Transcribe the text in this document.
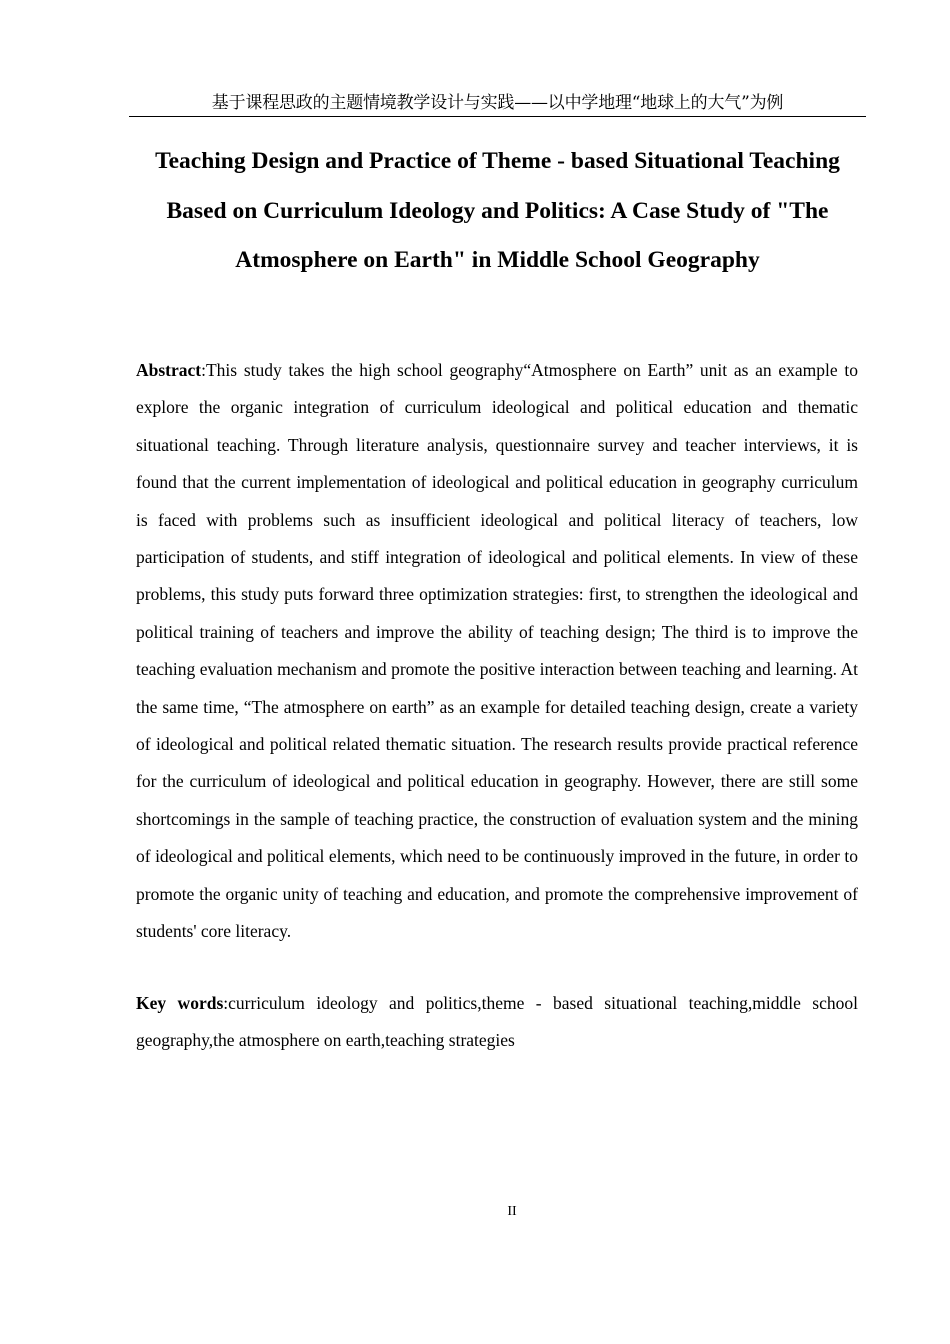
基于课程思政的主题情境教学设计与实践——以中学地理“地球上的大气”为例
Teaching Design and Practice of Theme - based Situational Teaching Based on Curriculum Ideology and Politics: A Case Study of "The Atmosphere on Earth" in Middle School Geography

Abstract:This study takes the high school geography“Atmosphere on Earth” unit as an example to explore the organic integration of curriculum ideological and political education and thematic situational teaching. Through literature analysis, questionnaire survey and teacher interviews, it is found that the current implementation of ideological and political education in geography curriculum is faced with problems such as insufficient ideological and political literacy of teachers, low participation of students, and stiff integration of ideological and political elements. In view of these problems, this study puts forward three optimization strategies: first, to strengthen the ideological and political training of teachers and improve the ability of teaching design; The third is to improve the teaching evaluation mechanism and promote the positive interaction between teaching and learning. At the same time, “The atmosphere on earth” as an example for detailed teaching design, create a variety of ideological and political related thematic situation. The research results provide practical reference for the curriculum of ideological and political education in geography. However, there are still some shortcomings in the sample of teaching practice, the construction of evaluation system and the mining of ideological and political elements, which need to be continuously improved in the future, in order to promote the organic unity of teaching and education, and promote the comprehensive improvement of students' core literacy.

Key words:curriculum ideology and politics,theme - based situational teaching,middle school geography,the atmosphere on earth,teaching strategies

II
